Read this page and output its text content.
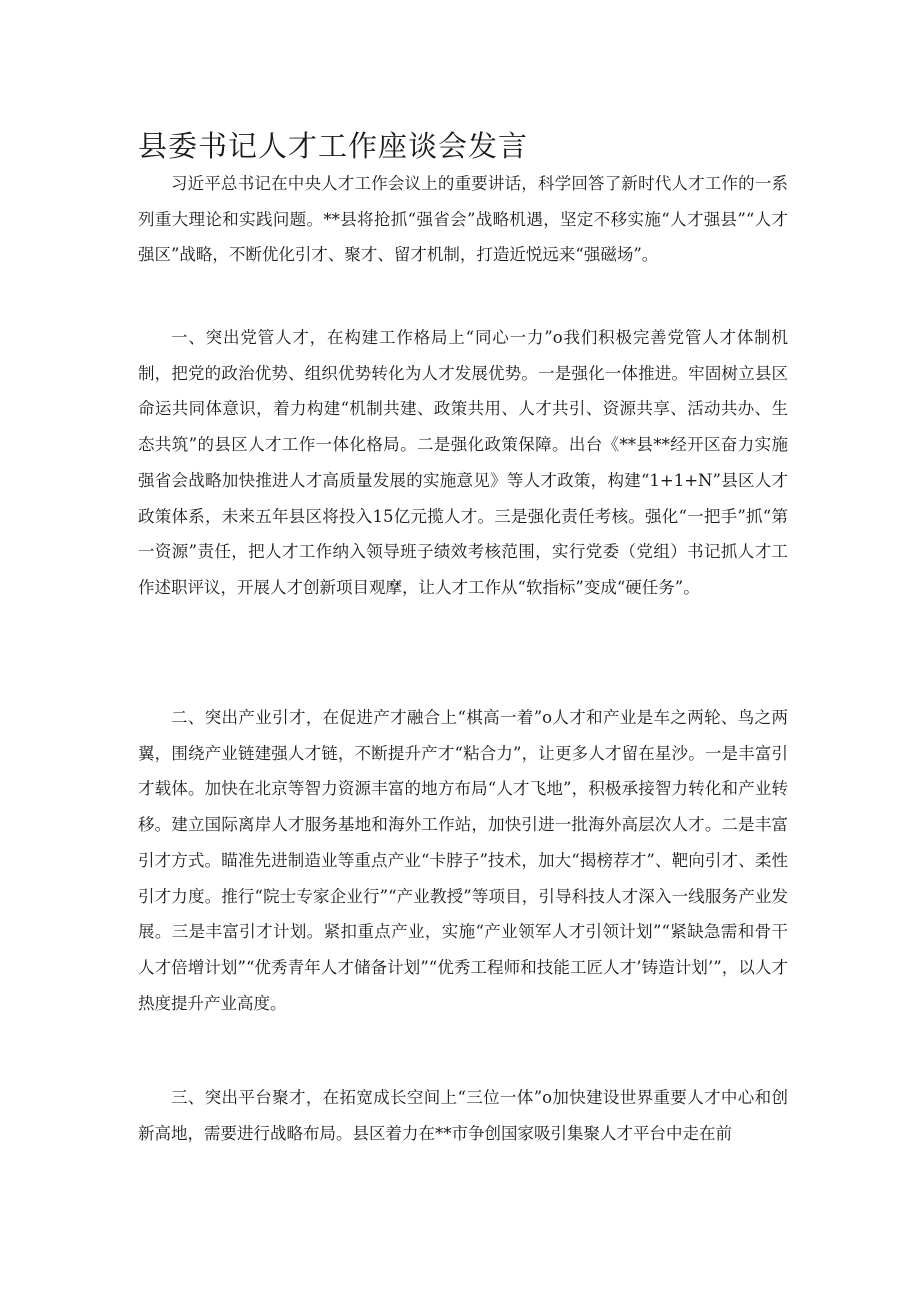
县委书记人才工作座谈会发言

习近平总书记在中央人才工作会议上的重要讲话，科学回答了新时代人才工作的一系列重大理论和实践问题。**县将抢抓“强省会”战略机遇，坚定不移实施“人才强县”“人才强区”战略，不断优化引才、聚才、留才机制，打造近悦远来“强磁场”。

一、突出党管人才，在构建工作格局上“同心一力”o我们积极完善党管人才体制机制，把党的政治优势、组织优势转化为人才发展优势。一是强化一体推进。牢固树立县区命运共同体意识，着力构建“机制共建、政策共用、人才共引、资源共享、活动共办、生态共筑”的县区人才工作一体化格局。二是强化政策保障。出台《**县**经开区奋力实施强省会战略加快推进人才高质量发展的实施意见》等人才政策，构建“1+1+N”县区人才政策体系，未来五年县区将投入15亿元揽人才。三是强化责任考核。强化“一把手”抓“第一资源”责任，把人才工作纳入领导班子绩效考核范围，实行党委（党组）书记抓人才工作述职评议，开展人才创新项目观摩，让人才工作从“软指标”变成“硬任务”。

二、突出产业引才，在促进产才融合上“棋高一着”o人才和产业是车之两轮、鸟之两翼，围绕产业链建强人才链，不断提升产才“粘合力”，让更多人才留在星沙。一是丰富引才载体。加快在北京等智力资源丰富的地方布局“人才飞地”，积极承接智力转化和产业转移。建立国际离岸人才服务基地和海外工作站，加快引进一批海外高层次人才。二是丰富引才方式。瞄准先进制造业等重点产业“卡脖子”技术，加大“揭榜荐才”、靶向引才、柔性引才力度。推行“院士专家企业行”“产业教授”等项目，引导科技人才深入一线服务产业发展。三是丰富引才计划。紧扣重点产业，实施“产业领军人才引领计划”“紧缺急需和骨干人才倍增计划”“优秀青年人才储备计划”“优秀工程师和技能工匠人才’铸造计划’”，以人才热度提升产业高度。

三、突出平台聚才，在拓宽成长空间上“三位一体”o加快建设世界重要人才中心和创新高地，需要进行战略布局。县区着力在**市争创国家吸引集聚人才平台中走在前
